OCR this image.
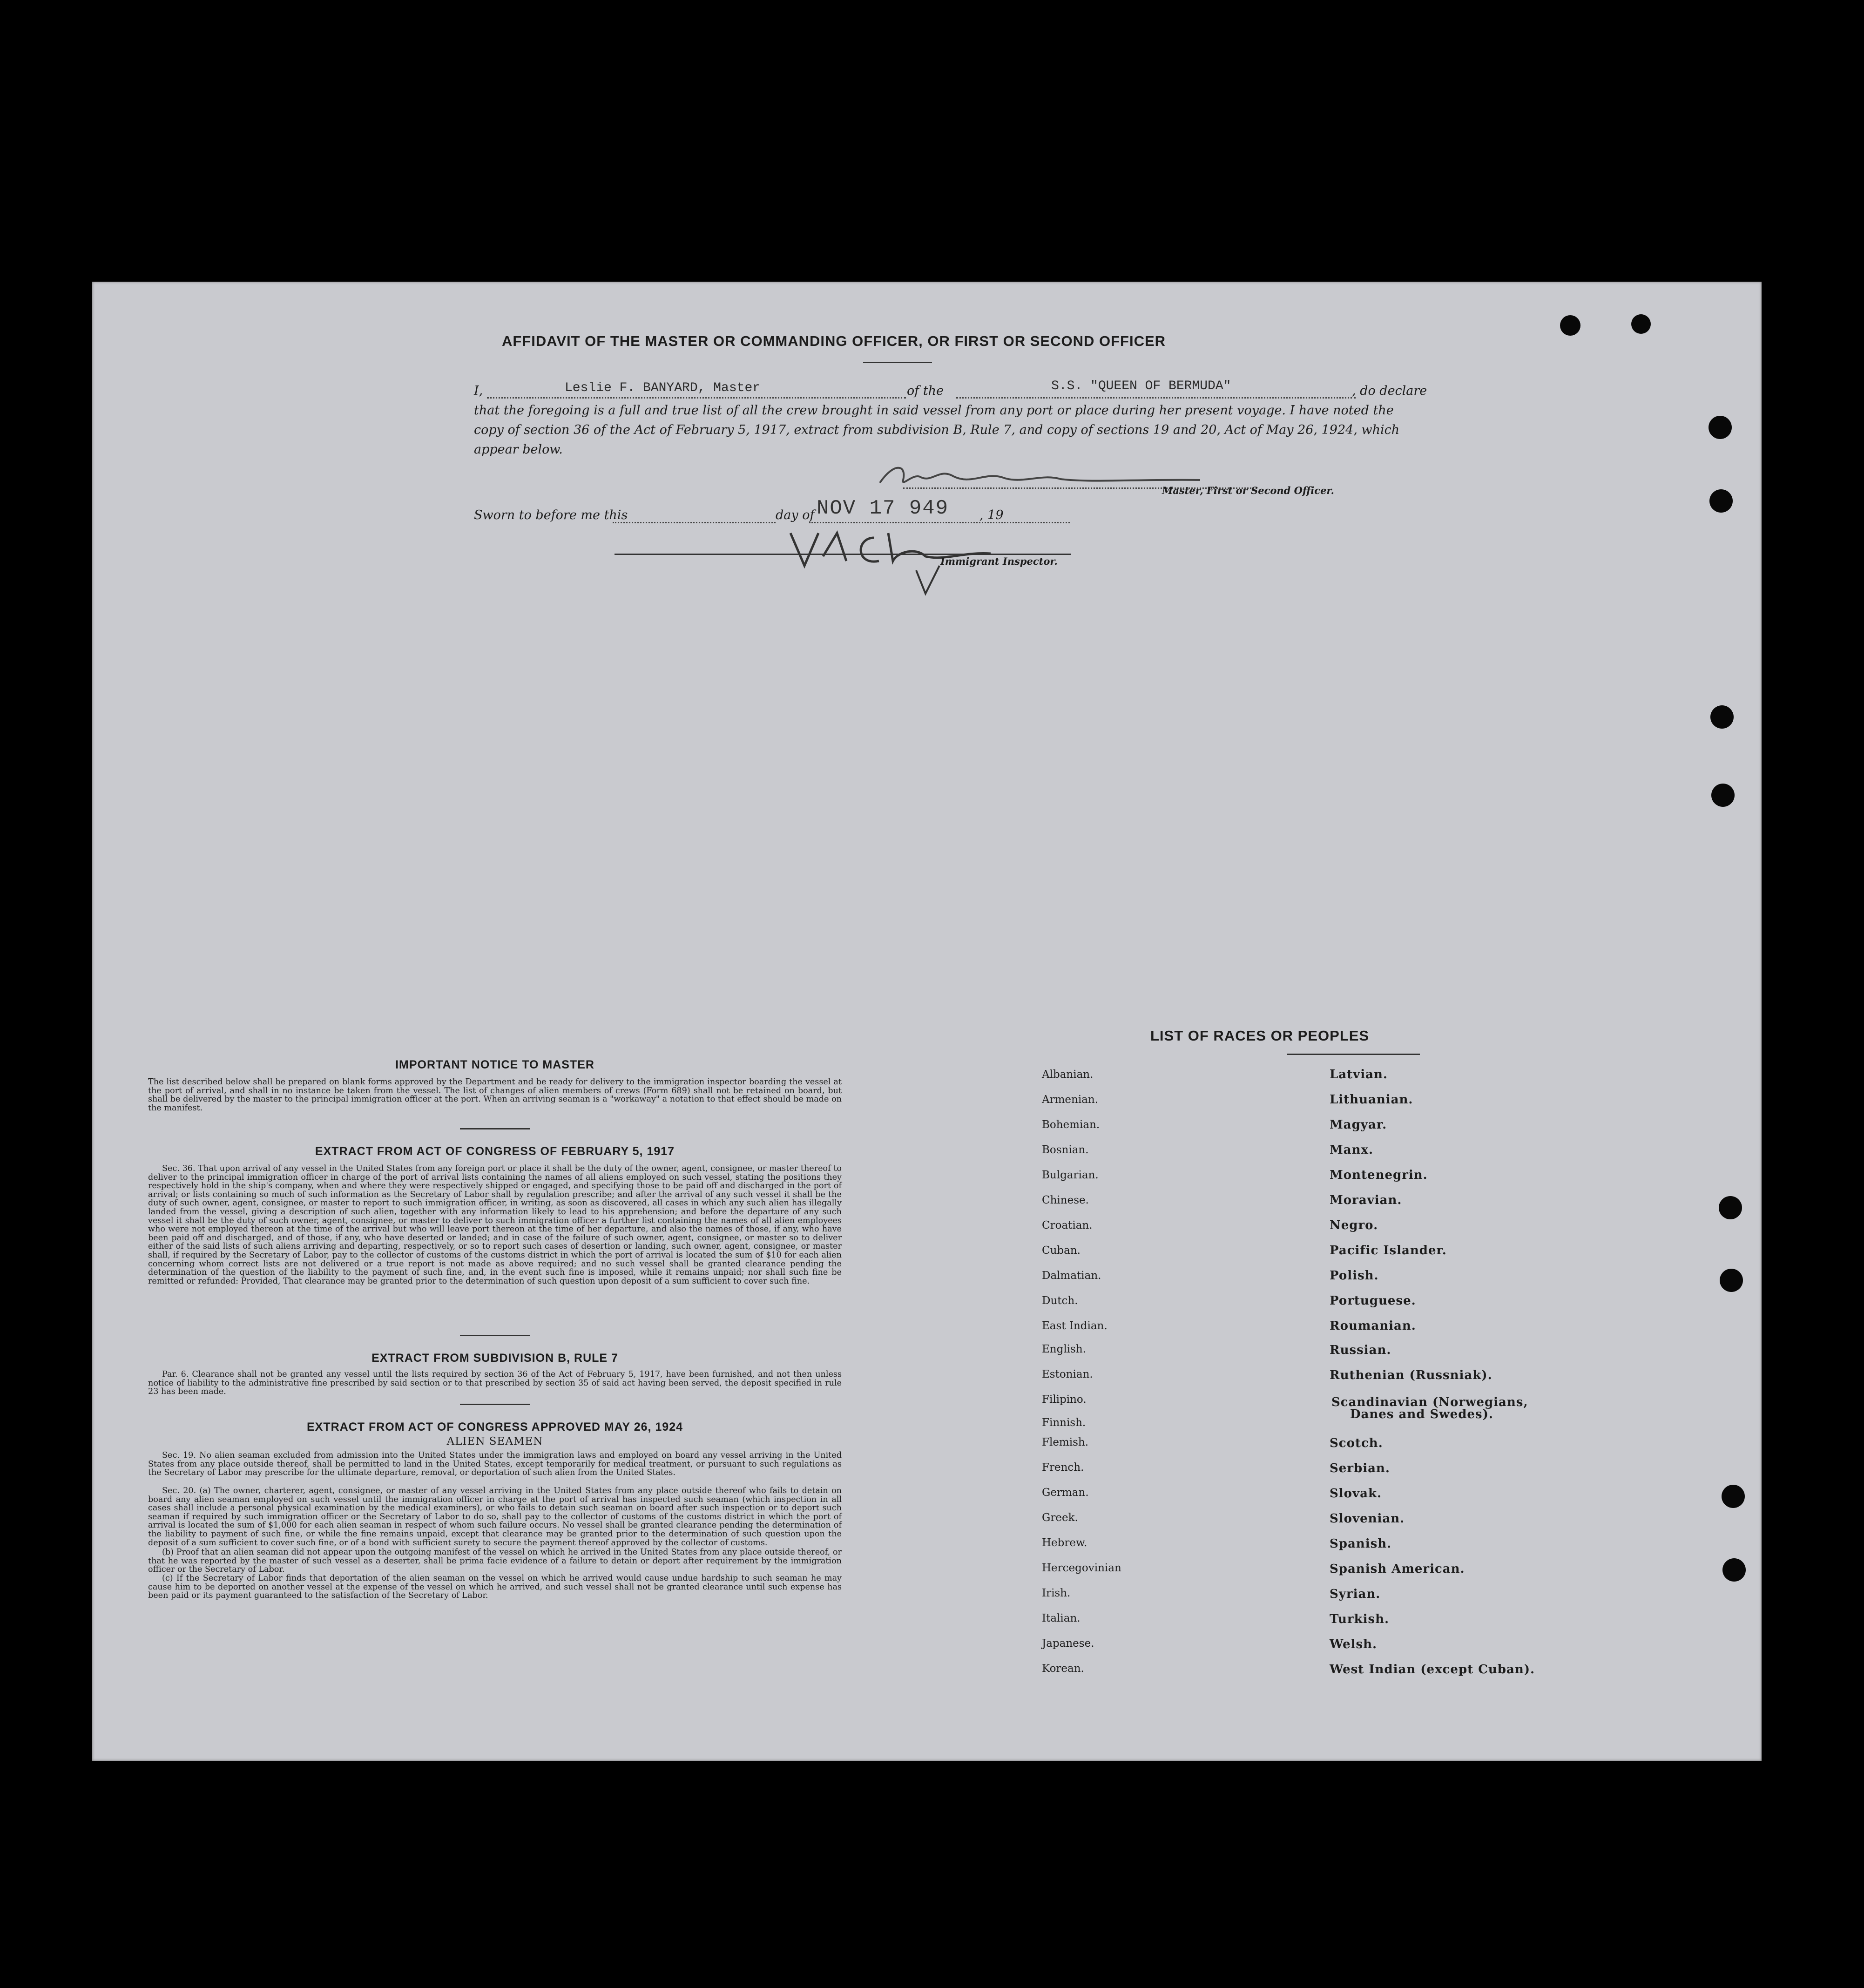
AFFIDAVIT OF THE MASTER OR COMMANDING OFFICER, OR FIRST OR SECOND OFFICER
I,	Leslie F. BANYARD, Master	of the	S.S. "QUEEN OF BERMUDA"	, do declare
that the foregoing is a full and true list of all the crew brought in said vessel from any port or place during her present voyage. I have noted the
copy of section 36 of the Act of February 5, 1917, extract from subdivision B, Rule 7, and copy of sections 19 and 20, Act of May 26, 1924, which
appear below.
Master, First or Second Officer.
Sworn to before me this	day of NOV 17 949 , 19
Immigrant Inspector.
IMPORTANT NOTICE TO MASTER
The list described below shall be prepared on blank forms approved by the Department and be ready for delivery to the immigration inspector boarding the vessel at the port of arrival, and shall in no instance be taken from the vessel. The list of changes of alien members of crews (Form 689) shall not be retained on board, but shall be delivered by the master to the principal immigration officer at the port. When an arriving seaman is a "workaway" a notation to that effect should be made on the manifest.
EXTRACT FROM ACT OF CONGRESS OF FEBRUARY 5, 1917
Sec. 36. That upon arrival of any vessel in the United States from any foreign port or place it shall be the duty of the owner, agent, consignee, or master thereof to deliver to the principal immigration officer in charge of the port of arrival lists containing the names of all aliens employed on such vessel, stating the positions they respectively hold in the ship's company, when and where they were respectively shipped or engaged, and specifying those to be paid off and discharged in the port of arrival; or lists containing so much of such information as the Secretary of Labor shall by regulation prescribe; and after the arrival of any such vessel it shall be the duty of such owner, agent, consignee, or master to report to such immigration officer, in writing, as soon as discovered, all cases in which any such alien has illegally landed from the vessel, giving a description of such alien, together with any information likely to lead to his apprehension; and before the departure of any such vessel it shall be the duty of such owner, agent, consignee, or master to deliver to such immigration officer a further list containing the names of all alien employees who were not employed thereon at the time of the arrival but who will leave port thereon at the time of her departure, and also the names of those, if any, who have been paid off and discharged, and of those, if any, who have deserted or landed; and in case of the failure of such owner, agent, consignee, or master so to deliver either of the said lists of such aliens arriving and departing, respectively, or so to report such cases of desertion or landing, such owner, agent, consignee, or master shall, if required by the Secretary of Labor, pay to the collector of customs of the customs district in which the port of arrival is located the sum of $10 for each alien concerning whom correct lists are not delivered or a true report is not made as above required; and no such vessel shall be granted clearance pending the determination of the question of the liability to the payment of such fine, and, in the event such fine is imposed, while it remains unpaid; nor shall such fine be remitted or refunded: Provided, That clearance may be granted prior to the determination of such question upon deposit of a sum sufficient to cover such fine.
EXTRACT FROM SUBDIVISION B, RULE 7
Par. 6. Clearance shall not be granted any vessel until the lists required by section 36 of the Act of February 5, 1917, have been furnished, and not then unless notice of liability to the administrative fine prescribed by said section or to that prescribed by section 35 of said act having been served, the deposit specified in rule 23 has been made.
EXTRACT FROM ACT OF CONGRESS APPROVED MAY 26, 1924
ALIEN SEAMEN
Sec. 19. No alien seaman excluded from admission into the United States under the immigration laws and employed on board any vessel arriving in the United States from any place outside thereof, shall be permitted to land in the United States, except temporarily for medical treatment, or pursuant to such regulations as the Secretary of Labor may prescribe for the ultimate departure, removal, or deportation of such alien from the United States.
Sec. 20. (a) The owner, charterer, agent, consignee, or master of any vessel arriving in the United States from any place outside thereof who fails to detain on board any alien seaman employed on such vessel until the immigration officer in charge at the port of arrival has inspected such seaman (which inspection in all cases shall include a personal physical examination by the medical examiners), or who fails to detain such seaman on board after such inspection or to deport such seaman if required by such immigration officer or the Secretary of Labor to do so, shall pay to the collector of customs of the customs district in which the port of arrival is located the sum of $1,000 for each alien seaman in respect of whom such failure occurs. No vessel shall be granted clearance pending the determination of the liability to payment of such fine, or while the fine remains unpaid, except that clearance may be granted prior to the determination of such question upon the deposit of a sum sufficient to cover such fine, or of a bond with sufficient surety to secure the payment thereof approved by the collector of customs.
(b) Proof that an alien seaman did not appear upon the outgoing manifest of the vessel on which he arrived in the United States from any place outside thereof, or that he was reported by the master of such vessel as a deserter, shall be prima facie evidence of a failure to detain or deport after requirement by the immigration officer or the Secretary of Labor.
(c) If the Secretary of Labor finds that deportation of the alien seaman on the vessel on which he arrived would cause undue hardship to such seaman he may cause him to be deported on another vessel at the expense of the vessel on which he arrived, and such vessel shall not be granted clearance until such expense has been paid or its payment guaranteed to the satisfaction of the Secretary of Labor.
LIST OF RACES OR PEOPLES
Albanian.
Armenian.
Bohemian.
Bosnian.
Bulgarian.
Chinese.
Croatian.
Cuban.
Dalmatian.
Dutch.
East Indian.
English.
Estonian.
Filipino.
Finnish.
Flemish.
French.
German.
Greek.
Hebrew.
Hercegovinian
Irish.
Italian.
Japanese.
Korean.
Latvian.
Lithuanian.
Magyar.
Manx.
Montenegrin.
Moravian.
Negro.
Pacific Islander.
Polish.
Portuguese.
Roumanian.
Russian.
Ruthenian (Russniak).
Scandinavian (Norwegians,
Danes and Swedes).
Scotch.
Serbian.
Slovak.
Slovenian.
Spanish.
Spanish American.
Syrian.
Turkish.
Welsh.
West Indian (except Cuban).
